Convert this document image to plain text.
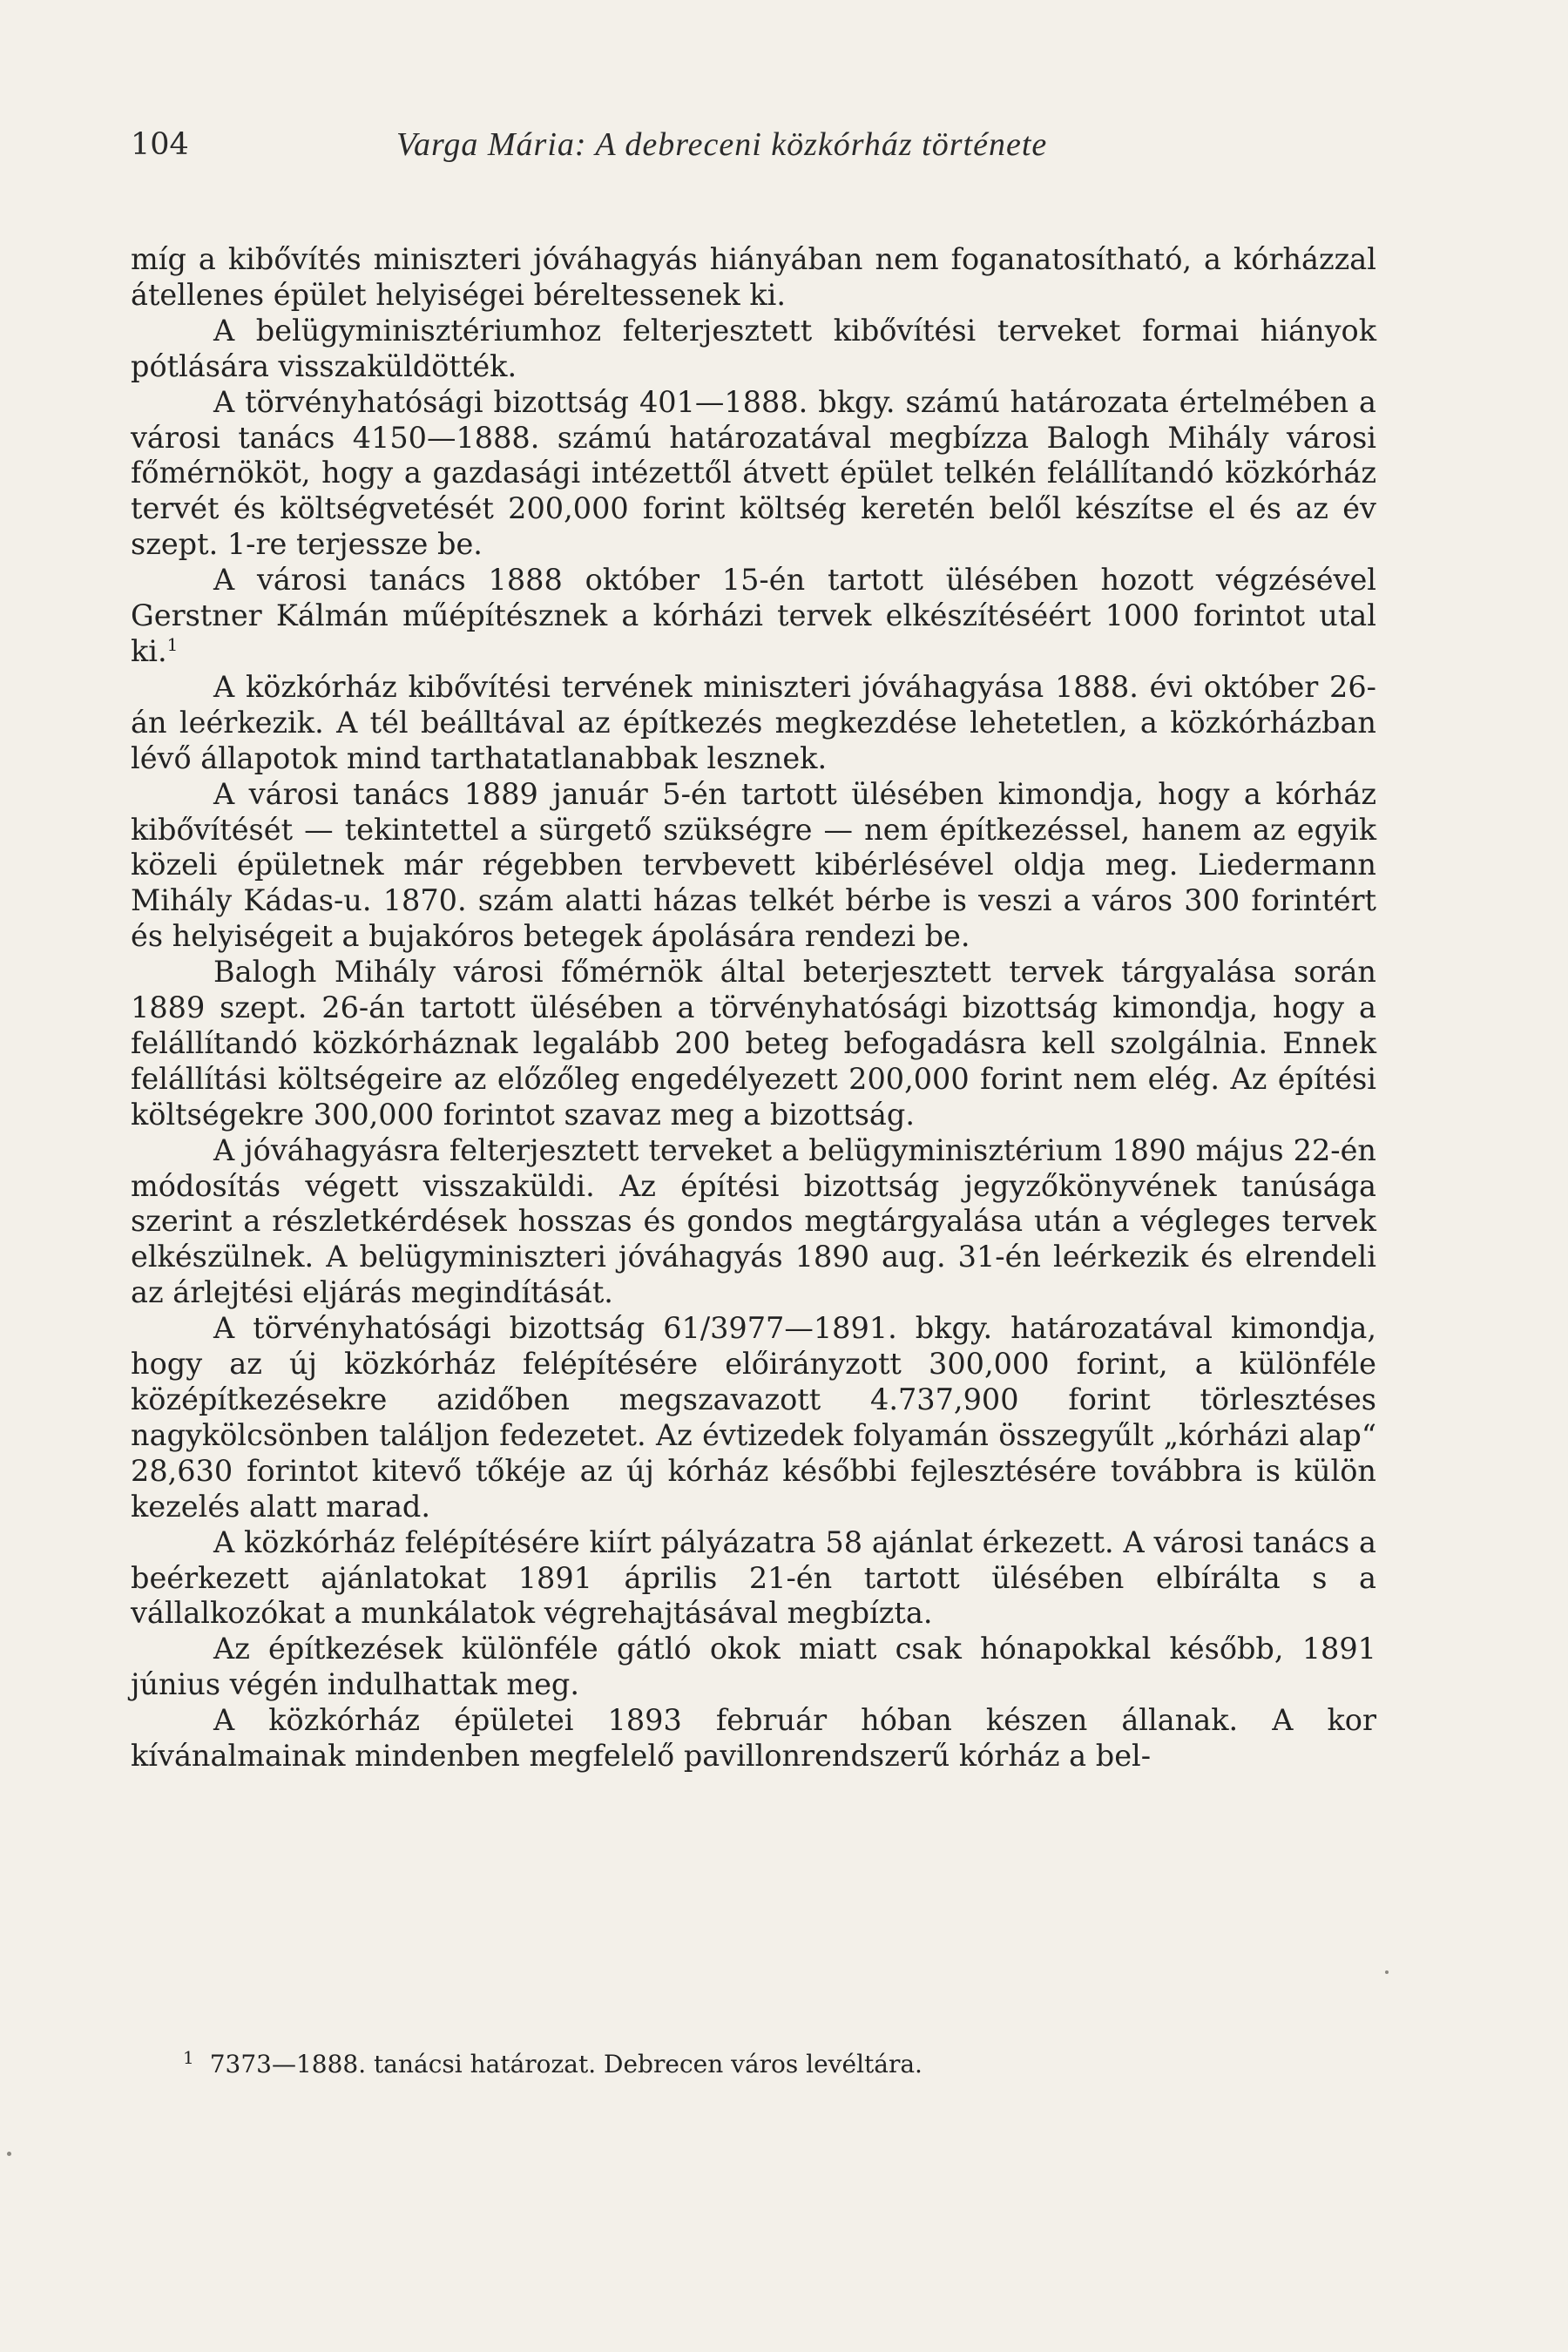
104	Varga Mária: A debreceni közkórház története

míg a kibővítés miniszteri jóváhagyás hiányában nem foganatosítható, a kórházzal átellenes épület helyiségei béreltessenek ki.

A belügyminisztériumhoz felterjesztett kibővítési terveket formai hiányok pótlására visszaküldötték.

A törvényhatósági bizottság 401—1888. bkgy. számú határozata értelmében a városi tanács 4150—1888. számú határozatával megbízza Balogh Mihály városi főmérnököt, hogy a gazdasági intézettől átvett épület telkén felállítandó közkórház tervét és költségvetését 200,000 forint költség keretén belől készítse el és az év szept. 1-re terjessze be.

A városi tanács 1888 október 15-én tartott ülésében hozott végzésével Gerstner Kálmán műépítésznek a kórházi tervek elkészítéséért 1000 forintot utal ki.$^1$

A közkórház kibővítési tervének miniszteri jóváhagyása 1888. évi október 26-án leérkezik. A tél beálltával az építkezés megkezdése lehetetlen, a közkórházban lévő állapotok mind tarthatatlanabbak lesznek.

A városi tanács 1889 január 5-én tartott ülésében kimondja, hogy a kórház kibővítését — tekintettel a sürgető szükségre — nem építkezéssel, hanem az egyik közeli épületnek már régebben tervbevett kibérlésével oldja meg. Liedermann Mihály Kádas-u. 1870. szám alatti házas telkét bérbe is veszi a város 300 forintért és helyiségeit a bujakóros betegek ápolására rendezi be.

Balogh Mihály városi főmérnök által beterjesztett tervek tárgyalása során 1889 szept. 26-án tartott ülésében a törvényhatósági bizottság kimondja, hogy a felállítandó közkórháznak legalább 200 beteg befogadásra kell szolgálnia. Ennek felállítási költségeire az előzőleg engedélyezett 200,000 forint nem elég. Az építési költségekre 300,000 forintot szavaz meg a bizottság.

A jóváhagyásra felterjesztett terveket a belügyminisztérium 1890 május 22-én módosítás végett visszaküldi. Az építési bizottság jegyzőkönyvének tanúsága szerint a részletkérdések hosszas és gondos megtárgyalása után a végleges tervek elkészülnek. A belügyminiszteri jóváhagyás 1890 aug. 31-én leérkezik és elrendeli az árlejtési eljárás megindítását.

A törvényhatósági bizottság 61/3977—1891. bkgy. határozatával kimondja, hogy az új közkórház felépítésére előirányzott 300,000 forint, a különféle középítkezésekre azidőben megszavazott 4.737,900 forint törlesztéses nagykölcsönben találjon fedezetet. Az évtizedek folyamán összegyűlt „kórházi alap“ 28,630 forintot kitevő tőkéje az új kórház későbbi fejlesztésére továbbra is külön kezelés alatt marad.

A közkórház felépítésére kiírt pályázatra 58 ajánlat érkezett. A városi tanács a beérkezett ajánlatokat 1891 április 21-én tartott ülésében elbírálta s a vállalkozókat a munkálatok végrehajtásával megbízta.

Az építkezések különféle gátló okok miatt csak hónapokkal később, 1891 június végén indulhattak meg.

A közkórház épületei 1893 február hóban készen állanak. A kor kívánalmainak mindenben megfelelő pavillonrendszerű kórház a bel-

$^1$ 7373—1888. tanácsi határozat. Debrecen város levéltára.
